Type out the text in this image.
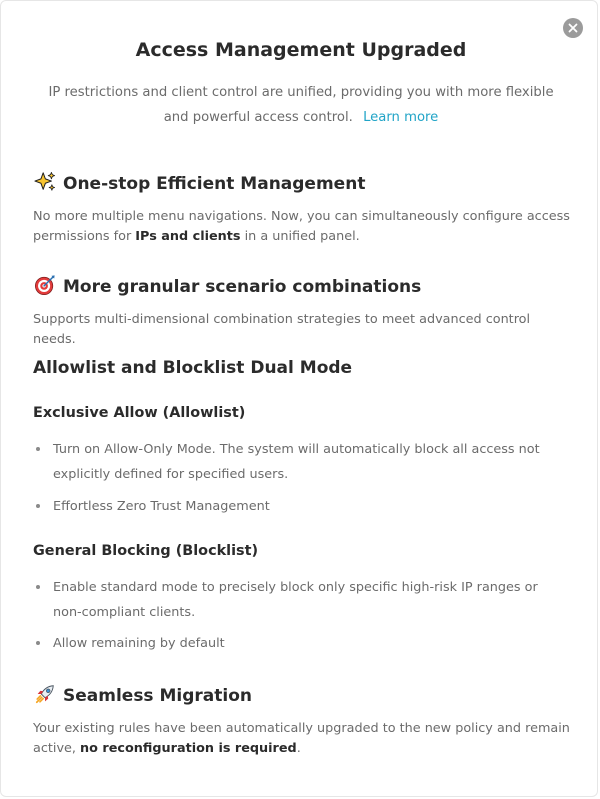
Access Management Upgraded
IP restrictions and client control are unified, providing you with more flexible and powerful access control. Learn more
One-stop Efficient Management
No more multiple menu navigations. Now, you can simultaneously configure access permissions for IPs and clients in a unified panel.
More granular scenario combinations
Supports multi-dimensional combination strategies to meet advanced control needs.
Allowlist and Blocklist Dual Mode
Exclusive Allow (Allowlist)
Turn on Allow-Only Mode. The system will automatically block all access not explicitly defined for specified users.
Effortless Zero Trust Management
General Blocking (Blocklist)
Enable standard mode to precisely block only specific high-risk IP ranges or non-compliant clients.
Allow remaining by default
Seamless Migration
Your existing rules have been automatically upgraded to the new policy and remain active, no reconfiguration is required.
